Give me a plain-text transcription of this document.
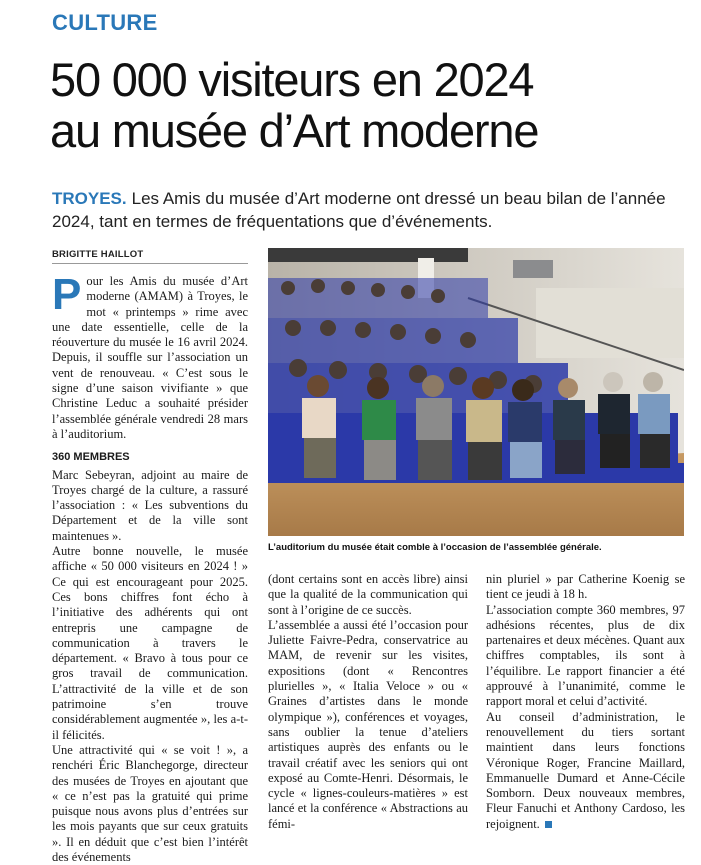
CULTURE
50 000 visiteurs en 2024
au musée d’Art moderne

TROYES. Les Amis du musée d’Art moderne ont dressé un beau bilan de l’année 2024, tant en termes de fréquentations que d’événements.

BRIGITTE HAILLOT

Pour les Amis du musée d’Art moderne (AMAM) à Troyes, le mot « printemps » rime avec une date essentielle, celle de la réouverture du musée le 16 avril 2024. Depuis, il souffle sur l’association un vent de renouveau. « C’est sous le signe d’une saison vivifiante » que Christine Leduc a souhaité présider l’assemblée générale vendredi 28 mars à l’auditorium.

360 MEMBRES

Marc Sebeyran, adjoint au maire de Troyes chargé de la culture, a rassuré l’association : « Les subventions du Département et de la ville sont maintenues ».

Autre bonne nouvelle, le musée affiche « 50 000 visiteurs en 2024 ! » Ce qui est encourageant pour 2025. Ces bons chiffres font écho à l’initiative des adhérents qui ont entrepris une campagne de communication à travers le département. « Bravo à tous pour ce gros travail de communication. L’attractivité de la ville et de son patrimoine s’en trouve considérablement augmentée », les a-t-il félicités.

Une attractivité qui « se voit ! », a renchéri Éric Blanchegorge, directeur des musées de Troyes en ajoutant que « ce n’est pas la gratuité qui prime puisque nous avons plus d’entrées sur les mois payants que sur ceux gratuits ». Il en déduit que c’est bien l’intérêt des événements

L’auditorium du musée était comble à l’occasion de l’assemblée générale.

(dont certains sont en accès libre) ainsi que la qualité de la communication qui sont à l’origine de ce succès.

L’assemblée a aussi été l’occasion pour Juliette Faivre-Pedra, conservatrice au MAM, de revenir sur les visites, expositions (dont « Rencontres plurielles », « Italia Veloce » ou « Graines d’artistes dans le monde olympique »), conférences et voyages, sans oublier la tenue d’ateliers artistiques auprès des enfants ou le travail créatif avec les seniors qui ont exposé au Comte-Henri. Désormais, le cycle « lignes-couleurs-matières » est lancé et la conférence « Abstractions au fémi-

nin pluriel » par Catherine Koenig se tient ce jeudi à 18 h.

L’association compte 360 membres, 97 adhésions récentes, plus de dix partenaires et deux mécènes. Quant aux chiffres comptables, ils sont à l’équilibre. Le rapport financier a été approuvé à l’unanimité, comme le rapport moral et celui d’activité.

Au conseil d’administration, le renouvellement du tiers sortant maintient dans leurs fonctions Véronique Roger, Francine Maillard, Emmanuelle Dumard et Anne-Cécile Somborn. Deux nouveaux membres, Fleur Fanuchi et Anthony Cardoso, les rejoignent.
